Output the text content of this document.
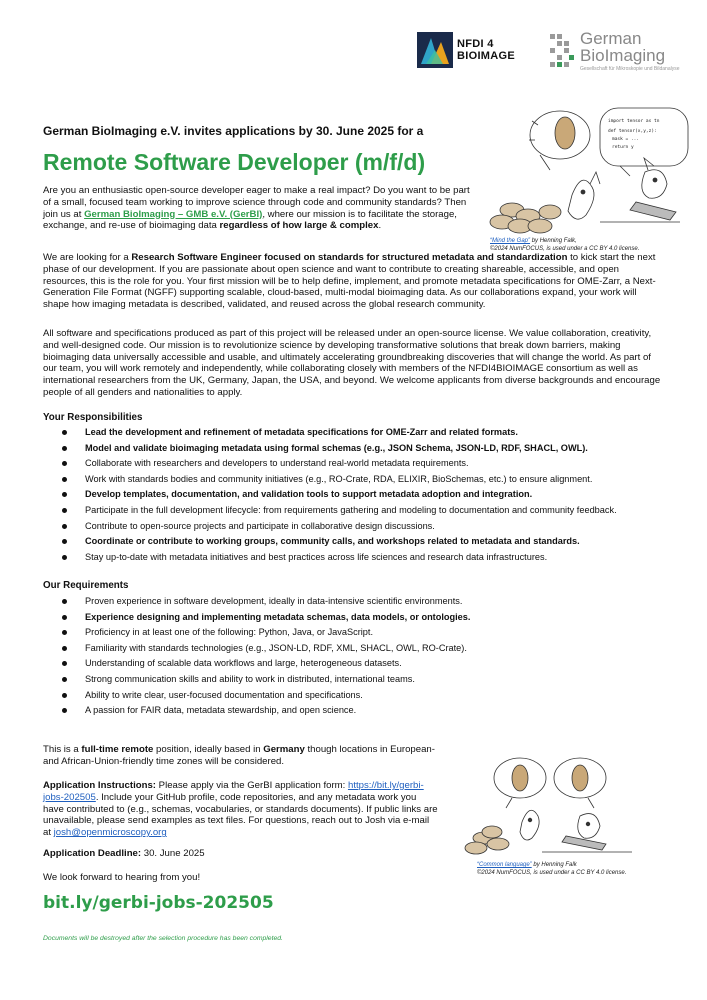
NFDI 4
BIOIMAGE
German
BioImaging
Gesellschaft für Mikroskopie und Bildanalyse
German BioImaging e.V. invites applications by 30. June 2025 for a
Remote Software Developer (m/f/d)
import tensor as tn
def tensor(x,y,z):
mask = ...
return y
“Mind the Gap” by Henning Falk,
©2024 NumFOCUS, is used under a CC BY 4.0 license.

Are you an enthusiastic open-source developer eager to make a real impact? Do you want to be part of a small, focused team working to improve science through code and community standards? Then join us at German BioImaging – GMB e.V. (GerBI), where our mission is to facilitate the storage, exchange, and re-use of bioimaging data regardless of how large & complex.

We are looking for a Research Software Engineer focused on standards for structured metadata and standardization to kick start the next phase of our development. If you are passionate about open science and want to contribute to creating shareable, accessible, and open resources, this is the role for you. Your first mission will be to help define, implement, and promote metadata specifications for OME-Zarr, a Next-Generation File Format (NGFF) supporting scalable, cloud-based, multi-modal bioimaging data. As our collaborations expand, your work will shape how imaging metadata is described, validated, and reused across the global research community.

All software and specifications produced as part of this project will be released under an open-source license. We value collaboration, creativity, and well-designed code. Our mission is to revolutionize science by developing transformative solutions that break down barriers, making bioimaging data universally accessible and usable, and ultimately accelerating groundbreaking discoveries that will change the world. As part of our team, you will work remotely and independently, while collaborating closely with members of the NFDI4BIOIMAGE consortium as well as international researchers from the UK, Germany, Japan, the USA, and beyond. We welcome applicants from diverse backgrounds and encourage people of all genders and nationalities to apply.

Your Responsibilities
Lead the development and refinement of metadata specifications for OME-Zarr and related formats.
Model and validate bioimaging metadata using formal schemas (e.g., JSON Schema, JSON-LD, RDF, SHACL, OWL).
Collaborate with researchers and developers to understand real-world metadata requirements.
Work with standards bodies and community initiatives (e.g., RO-Crate, RDA, ELIXIR, BioSchemas, etc.) to ensure alignment.
Develop templates, documentation, and validation tools to support metadata adoption and integration.
Participate in the full development lifecycle: from requirements gathering and modeling to documentation and community feedback.
Contribute to open-source projects and participate in collaborative design discussions.
Coordinate or contribute to working groups, community calls, and workshops related to metadata and standards.
Stay up-to-date with metadata initiatives and best practices across life sciences and research data infrastructures.
Our Requirements
Proven experience in software development, ideally in data-intensive scientific environments.
Experience designing and implementing metadata schemas, data models, or ontologies.
Proficiency in at least one of the following: Python, Java, or JavaScript.
Familiarity with standards technologies (e.g., JSON-LD, RDF, XML, SHACL, OWL, RO-Crate).
Understanding of scalable data workflows and large, heterogeneous datasets.
Strong communication skills and ability to work in distributed, international teams.
Ability to write clear, user-focused documentation and specifications.
A passion for FAIR data, metadata stewardship, and open science.

This is a full-time remote position, ideally based in Germany though locations in European- and African-Union-friendly time zones will be considered.

Application Instructions: Please apply via the GerBI application form: https://bit.ly/gerbi-jobs-202505. Include your GitHub profile, code repositories, and any metadata work you have contributed to (e.g., schemas, vocabularies, or standards documents). If public links are unavailable, please send examples as text files. For questions, reach out to Josh via e-mail at josh@openmicroscopy.org

Application Deadline: 30. June 2025

We look forward to hearing from you!

“Common language” by Henning Falk
©2024 NumFOCUS, is used under a CC BY 4.0 license.
bit.ly/gerbi-jobs-202505
Documents will be destroyed after the selection procedure has been completed.
